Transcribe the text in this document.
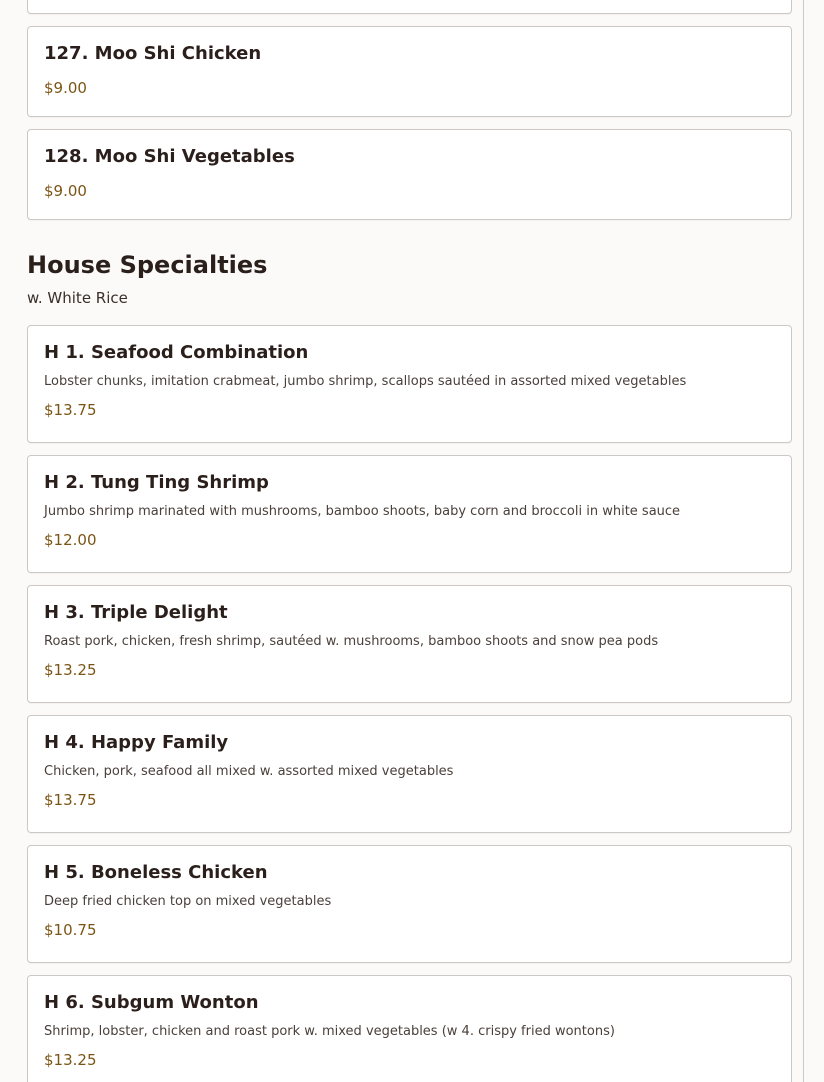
127. Moo Shi Chicken
$9.00
128. Moo Shi Vegetables
$9.00
House Specialties

w. White Rice

H 1. Seafood Combination

Lobster chunks, imitation crabmeat, jumbo shrimp, scallops sautéed in assorted mixed vegetables

$13.75
H 2. Tung Ting Shrimp

Jumbo shrimp marinated with mushrooms, bamboo shoots, baby corn and broccoli in white sauce

$12.00
H 3. Triple Delight

Roast pork, chicken, fresh shrimp, sautéed w. mushrooms, bamboo shoots and snow pea pods

$13.25
H 4. Happy Family

Chicken, pork, seafood all mixed w. assorted mixed vegetables

$13.75
H 5. Boneless Chicken

Deep fried chicken top on mixed vegetables

$10.75
H 6. Subgum Wonton

Shrimp, lobster, chicken and roast pork w. mixed vegetables (w 4. crispy fried wontons)

$13.25
